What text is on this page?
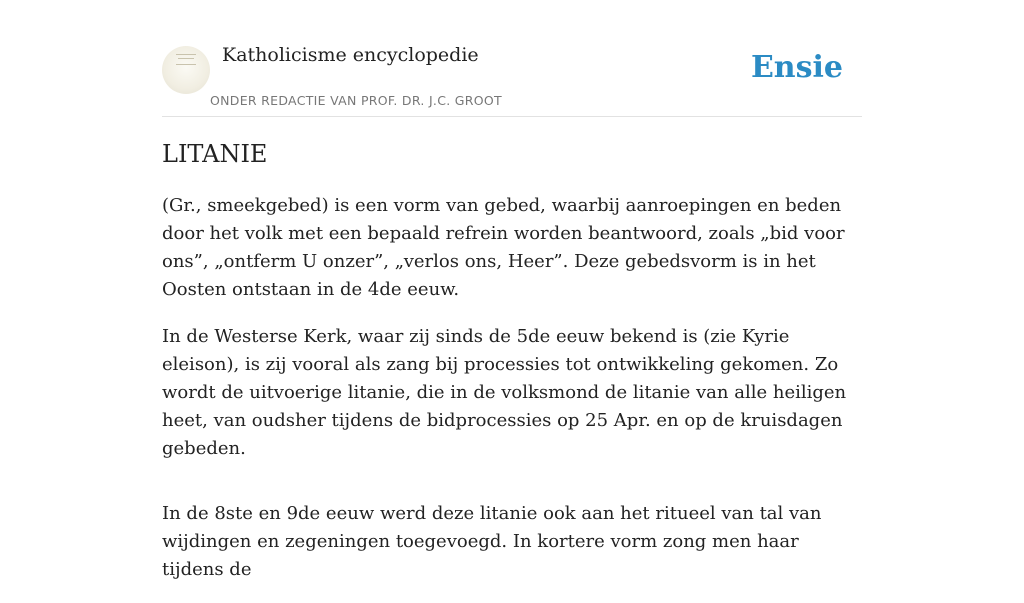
Katholicisme encyclopedie
ONDER REDACTIE VAN PROF. DR. J.C. GROOT
Ensie
LITANIE

(Gr., smeekgebed) is een vorm van gebed, waarbij aanroepingen en beden door het volk met een bepaald refrein worden beantwoord, zoals „bid voor ons”, „ontferm U onzer”, „verlos ons, Heer”. Deze gebedsvorm is in het Oosten ontstaan in de 4de eeuw.

In de Westerse Kerk, waar zij sinds de 5de eeuw bekend is (zie Kyrie eleison), is zij vooral als zang bij processies tot ontwikkeling gekomen. Zo wordt de uitvoerige litanie, die in de volksmond de litanie van alle heiligen heet, van oudsher tijdens de bidprocessies op 25 Apr. en op de kruisdagen gebeden.

In de 8ste en 9de eeuw werd deze litanie ook aan het ritueel van tal van wijdingen en zegeningen toegevoegd. In kortere vorm zong men haar tijdens de
